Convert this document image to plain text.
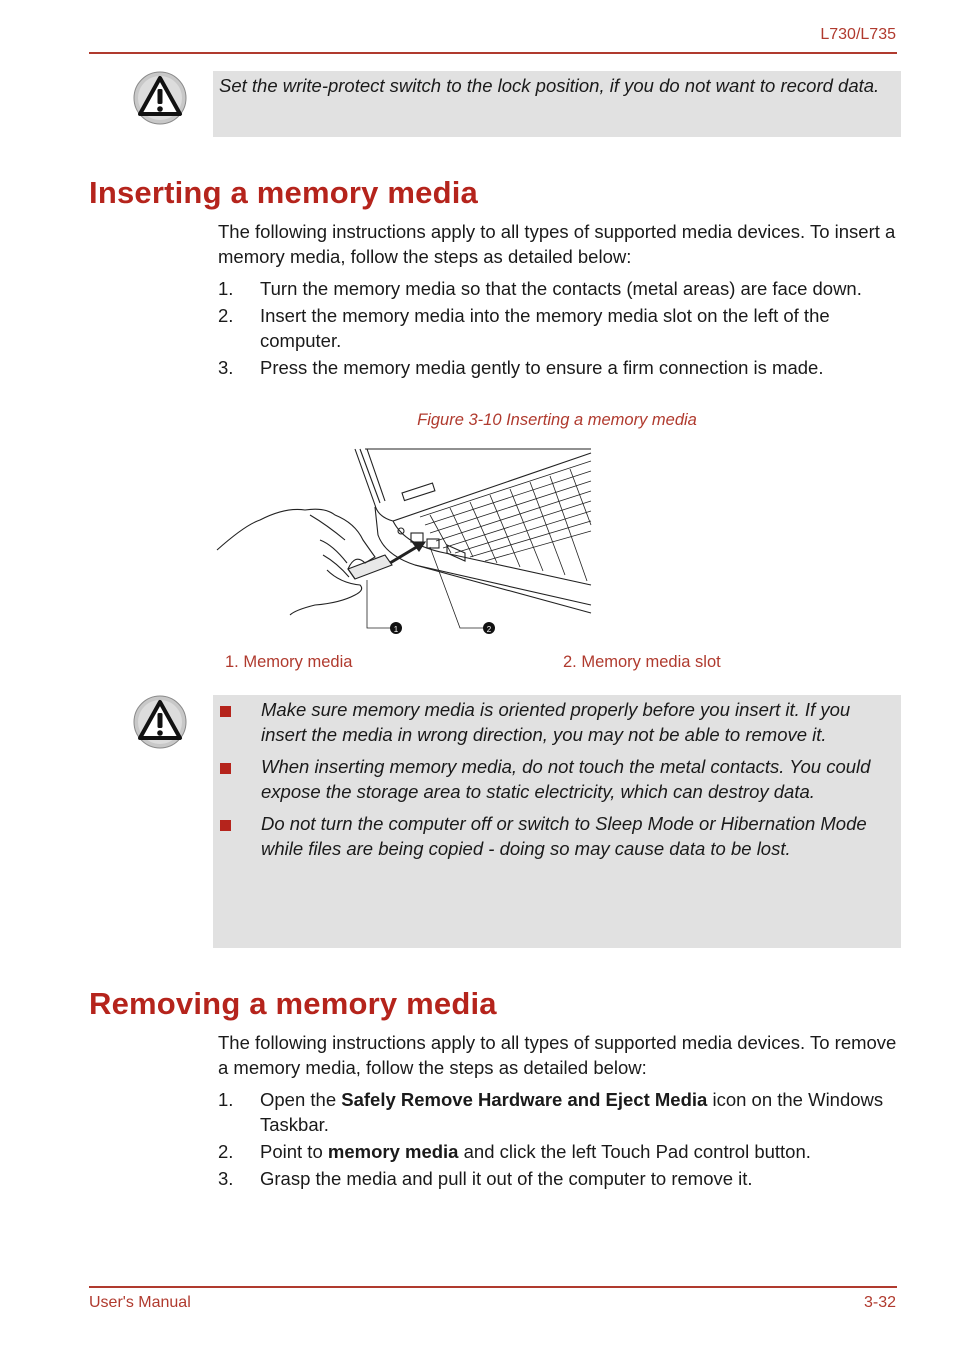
L730/L735
Set the write-protect switch to the lock position, if you do not want to record data.
Inserting a memory media
The following instructions apply to all types of supported media devices. To insert a memory media, follow the steps as detailed below:
1. Turn the memory media so that the contacts (metal areas) are face down.
2. Insert the memory media into the memory media slot on the left of the computer.
3. Press the memory media gently to ensure a firm connection is made.
Figure 3-10 Inserting a memory media
1	2
1. Memory media	2. Memory media slot
Make sure memory media is oriented properly before you insert it. If you insert the media in wrong direction, you may not be able to remove it.
When inserting memory media, do not touch the metal contacts. You could expose the storage area to static electricity, which can destroy data.
Do not turn the computer off or switch to Sleep Mode or Hibernation Mode while files are being copied - doing so may cause data to be lost.
Removing a memory media
The following instructions apply to all types of supported media devices. To remove a memory media, follow the steps as detailed below:
1. Open the Safely Remove Hardware and Eject Media icon on the Windows Taskbar.
2. Point to memory media and click the left Touch Pad control button.
3. Grasp the media and pull it out of the computer to remove it.
User's Manual	3-32
